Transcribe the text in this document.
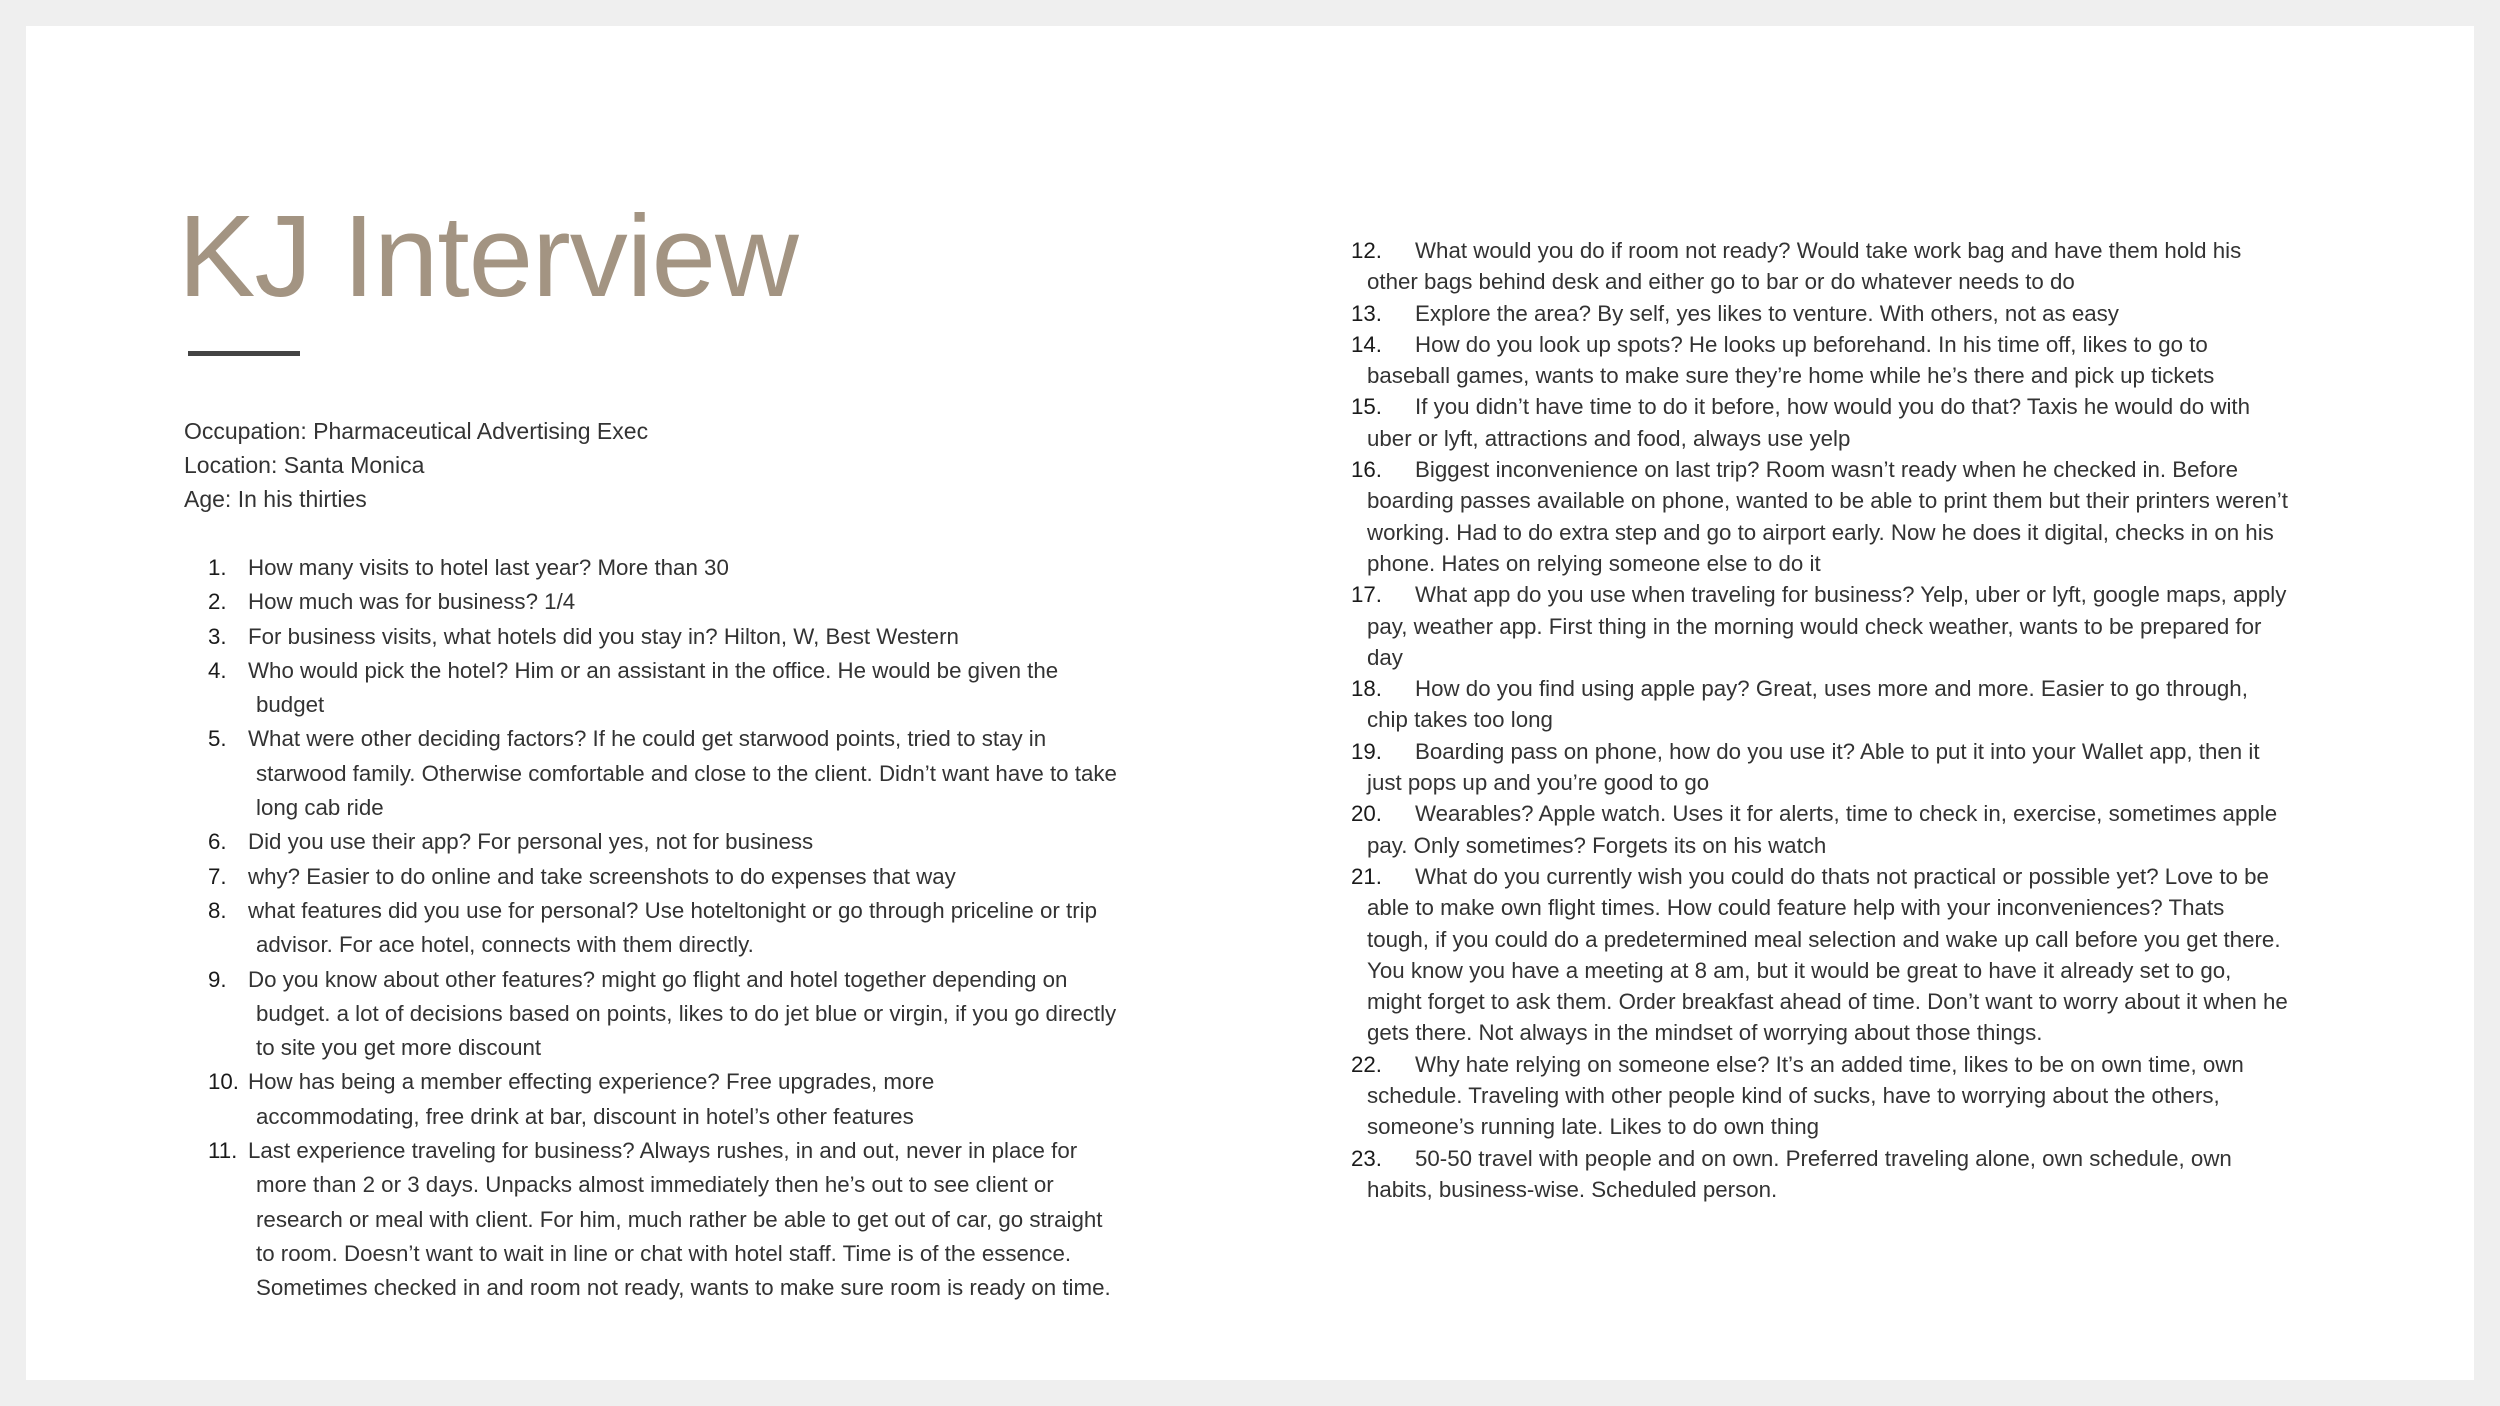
KJ Interview
Occupation: Pharmaceutical Advertising Exec
Location: Santa Monica
Age: In his thirties
1. How many visits to hotel last year? More than 30
2. How much was for business? 1/4
3. For business visits, what hotels did you stay in? Hilton, W, Best Western
4. Who would pick the hotel? Him or an assistant in the office. He would be given the
budget
5. What were other deciding factors? If he could get starwood points, tried to stay in
starwood family. Otherwise comfortable and close to the client. Didn’t want have to take
long cab ride
6. Did you use their app? For personal yes, not for business
7. why? Easier to do online and take screenshots to do expenses that way
8. what features did you use for personal? Use hoteltonight or go through priceline or trip
advisor. For ace hotel, connects with them directly.
9. Do you know about other features? might go flight and hotel together depending on
budget. a lot of decisions based on points, likes to do jet blue or virgin, if you go directly
to site you get more discount
10. How has being a member effecting experience? Free upgrades, more
accommodating, free drink at bar, discount in hotel’s other features
11. Last experience traveling for business? Always rushes, in and out, never in place for
more than 2 or 3 days. Unpacks almost immediately then he’s out to see client or
research or meal with client. For him, much rather be able to get out of car, go straight
to room. Doesn’t want to wait in line or chat with hotel staff. Time is of the essence.
Sometimes checked in and room not ready, wants to make sure room is ready on time.
12. What would you do if room not ready? Would take work bag and have them hold his
other bags behind desk and either go to bar or do whatever needs to do
13. Explore the area? By self, yes likes to venture. With others, not as easy
14. How do you look up spots? He looks up beforehand. In his time off, likes to go to
baseball games, wants to make sure they’re home while he’s there and pick up tickets
15. If you didn’t have time to do it before, how would you do that? Taxis he would do with
uber or lyft, attractions and food, always use yelp
16. Biggest inconvenience on last trip? Room wasn’t ready when he checked in. Before
boarding passes available on phone, wanted to be able to print them but their printers weren’t
working. Had to do extra step and go to airport early. Now he does it digital, checks in on his
phone. Hates on relying someone else to do it
17. What app do you use when traveling for business? Yelp, uber or lyft, google maps, apply
pay, weather app. First thing in the morning would check weather, wants to be prepared for
day
18. How do you find using apple pay? Great, uses more and more. Easier to go through,
chip takes too long
19. Boarding pass on phone, how do you use it? Able to put it into your Wallet app, then it
just pops up and you’re good to go
20. Wearables? Apple watch. Uses it for alerts, time to check in, exercise, sometimes apple
pay. Only sometimes? Forgets its on his watch
21. What do you currently wish you could do thats not practical or possible yet? Love to be
able to make own flight times. How could feature help with your inconveniences? Thats
tough, if you could do a predetermined meal selection and wake up call before you get there.
You know you have a meeting at 8 am, but it would be great to have it already set to go,
might forget to ask them. Order breakfast ahead of time. Don’t want to worry about it when he
gets there. Not always in the mindset of worrying about those things.
22. Why hate relying on someone else? It’s an added time, likes to be on own time, own
schedule. Traveling with other people kind of sucks, have to worrying about the others,
someone’s running late. Likes to do own thing
23. 50-50 travel with people and on own. Preferred traveling alone, own schedule, own
habits, business-wise. Scheduled person.
